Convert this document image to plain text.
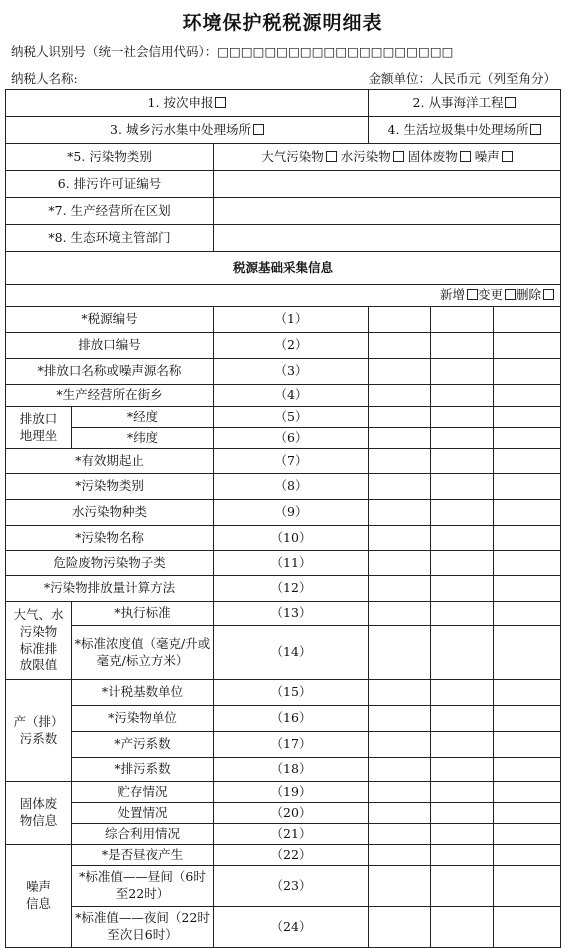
环境保护税税源明细表
纳税人识别号（统一社会信用代码）：□□□□□□□□□□□□□□□□□□□□
纳税人名称:	金额单位：人民币元（列至角分）
1. 按次申报			2. 从事海洋工程		
3. 城乡污水集中处理场所			4. 生活垃圾集中处理场所		
*5. 污染物类别		大气污染物 水污染物 固体废物 噪声			
6. 排污许可证编号					
*7. 生产经营所在区划					
*8. 生态环境主管部门					
税源基础采集信息					
新增 变更 删除					
*税源编号		（1）			
排放口编号		（2）			
*排放口名称或噪声源名称		（3）			
*生产经营所在街乡		（4）			
排放口
地理坐	*经度	（5）			
	*纬度	（6）			
*有效期起止		（7）			
*污染物类别		（8）			
水污染物种类		（9）			
*污染物名称		（10）			
危险废物污染物子类		（11）			
*污染物排放量计算方法		（12）			
大气、水
污染物
标准排
放限值	*执行标准	（13）			
	*标准浓度值（毫克/升或毫克/标立方米）	（14）			
产（排）
污系数	*计税基数单位	（15）			
	*污染物单位	（16）			
	*产污系数	（17）			
	*排污系数	（18）			
固体废
物信息	贮存情况	（19）			
	处置情况	（20）			
	综合利用情况	（21）			
噪声
信息	*是否昼夜产生	（22）			
	*标准值——昼间（6时至22时）	（23）			
	*标准值——夜间（22时至次日6时）	（24）			
